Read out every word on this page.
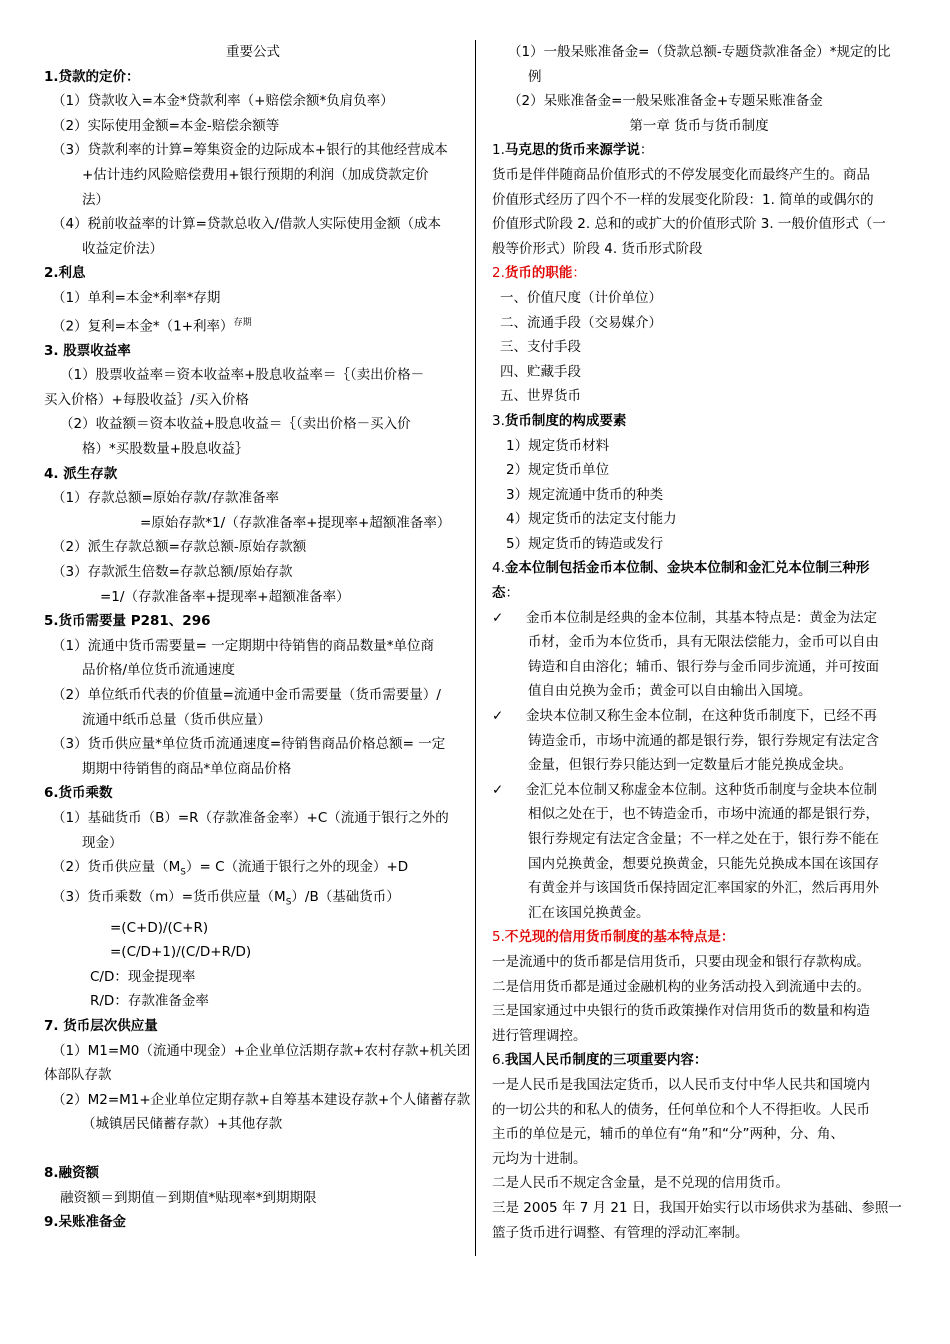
重要公式
1.贷款的定价：
（1）贷款收入=本金*贷款利率（+赔偿余额*负肩负率）
（2）实际使用金额=本金-赔偿余额等
（3）贷款利率的计算=筹集资金的边际成本+银行的其他经营成本
+估计违约风险赔偿费用+银行预期的利润（加成贷款定价
法）
（4）税前收益率的计算=贷款总收入/借款人实际使用金额（成本
收益定价法）
2.利息
（1）单利=本金*利率*存期
（2）复利=本金*（1+利率）$^{存期}$
3. 股票收益率
（1）股票收益率＝资本收益率+股息收益率＝｛（卖出价格－
买入价格）+每股收益｝/买入价格
（2）收益额＝资本收益+股息收益＝｛（卖出价格－买入价
格）*买股数量+股息收益｝
4. 派生存款
（1）存款总额=原始存款/存款准备率
=原始存款*1/（存款准备率+提现率+超额准备率）
（2）派生存款总额=存款总额-原始存款额
（3）存款派生倍数=存款总额/原始存款
=1/（存款准备率+提现率+超额准备率）
5.货币需要量 P281、296
（1）流通中货币需要量= 一定期期中待销售的商品数量*单位商
品价格/单位货币流通速度
（2）单位纸币代表的价值量=流通中金币需要量（货币需要量）/
流通中纸币总量（货币供应量）
（3）货币供应量*单位货币流通速度=待销售商品价格总额= 一定
期期中待销售的商品*单位商品价格
6.货币乘数
（1）基础货币（B）=R（存款准备金率）+C（流通于银行之外的
现金）
（2）货币供应量$(M_S)= C$（流通于银行之外的现金）+D
（3）货币乘数（m）=货币供应量$(M_S)/B$（基础货币）
=(C+D)/(C+R)
=(C/D+1)/(C/D+R/D)
C/D：现金提现率
R/D：存款准备金率
7. 货币层次供应量
（1）M1=M0（流通中现金）+企业单位活期存款+农村存款+机关团
体部队存款
（2）M2=M1+企业单位定期存款+自筹基本建设存款+个人储蓄存款
（城镇居民储蓄存款）+其他存款
8.融资额
融资额＝到期值－到期值*贴现率*到期期限
9.呆账准备金
（1）一般呆账准备金=（贷款总额-专题贷款准备金）*规定的比
例
（2）呆账准备金=一般呆账准备金+专题呆账准备金
第一章 货币与货币制度
1.马克思的货币来源学说：
货币是伴伴随商品价值形式的不停发展变化而最终产生的。商品
价值形式经历了四个不一样的发展变化阶段：1. 简单的或偶尔的
价值形式阶段 2. 总和的或扩大的价值形式阶 3. 一般价值形式（一
般等价形式）阶段 4. 货币形式阶段
2.货币的职能：
一、价值尺度（计价单位）
二、流通手段（交易媒介）
三、支付手段
四、贮藏手段
五、世界货币
3.货币制度的构成要素
1）规定货币材料
2）规定货币单位
3）规定流通中货币的种类
4）规定货币的法定支付能力
5）规定货币的铸造或发行
4.金本位制包括金币本位制、金块本位制和金汇兑本位制三种形
态：
✓ 金币本位制是经典的金本位制，其基本特点是：黄金为法定
币材，金币为本位货币，具有无限法偿能力，金币可以自由
铸造和自由溶化；辅币、银行券与金币同步流通，并可按面
值自由兑换为金币；黄金可以自由输出入国境。
✓ 金块本位制又称生金本位制，在这种货币制度下，已经不再
铸造金币，市场中流通的都是银行券，银行券规定有法定含
金量，但银行券只能达到一定数量后才能兑换成金块。
✓ 金汇兑本位制又称虚金本位制。这种货币制度与金块本位制
相似之处在于，也不铸造金币，市场中流通的都是银行券，
银行券规定有法定含金量；不一样之处在于，银行券不能在
国内兑换黄金，想要兑换黄金，只能先兑换成本国在该国存
有黄金并与该国货币保持固定汇率国家的外汇，然后再用外
汇在该国兑换黄金。
5.不兑现的信用货币制度的基本特点是：
一是流通中的货币都是信用货币，只要由现金和银行存款构成。
二是信用货币都是通过金融机构的业务活动投入到流通中去的。
三是国家通过中央银行的货币政策操作对信用货币的数量和构造
进行管理调控。
6.我国人民币制度的三项重要内容：
一是人民币是我国法定货币，以人民币支付中华人民共和国境内
的一切公共的和私人的债务，任何单位和个人不得拒收。人民币
主币的单位是元，辅币的单位有“角”和“分”两种，分、角、
元均为十进制。
二是人民币不规定含金量，是不兑现的信用货币。
三是 2005 年 7 月 21 日，我国开始实行以市场供求为基础、参照一
篮子货币进行调整、有管理的浮动汇率制。
